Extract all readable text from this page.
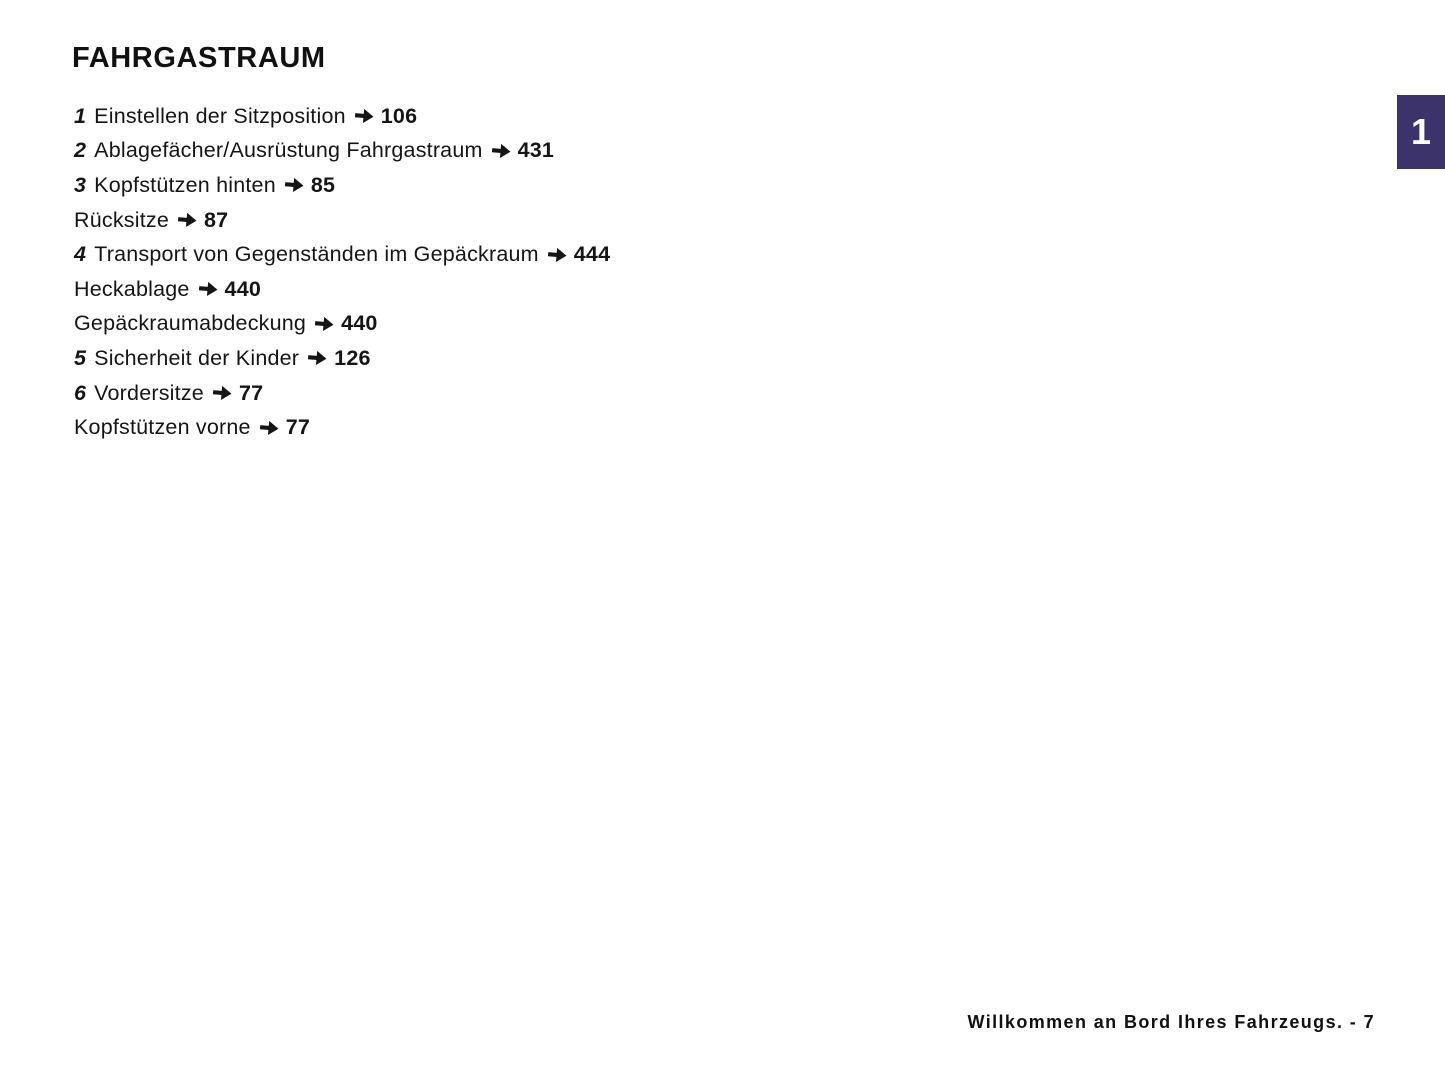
FAHRGASTRAUM
1 Einstellen der Sitzposition 106
2 Ablagefächer/Ausrüstung Fahrgastraum 431
3 Kopfstützen hinten 85
Rücksitze 87
4 Transport von Gegenständen im Gepäckraum 444
Heckablage 440
Gepäckraumabdeckung 440
5 Sicherheit der Kinder 126
6 Vordersitze 77
Kopfstützen vorne 77
1
Willkommen an Bord Ihres Fahrzeugs. - 7
